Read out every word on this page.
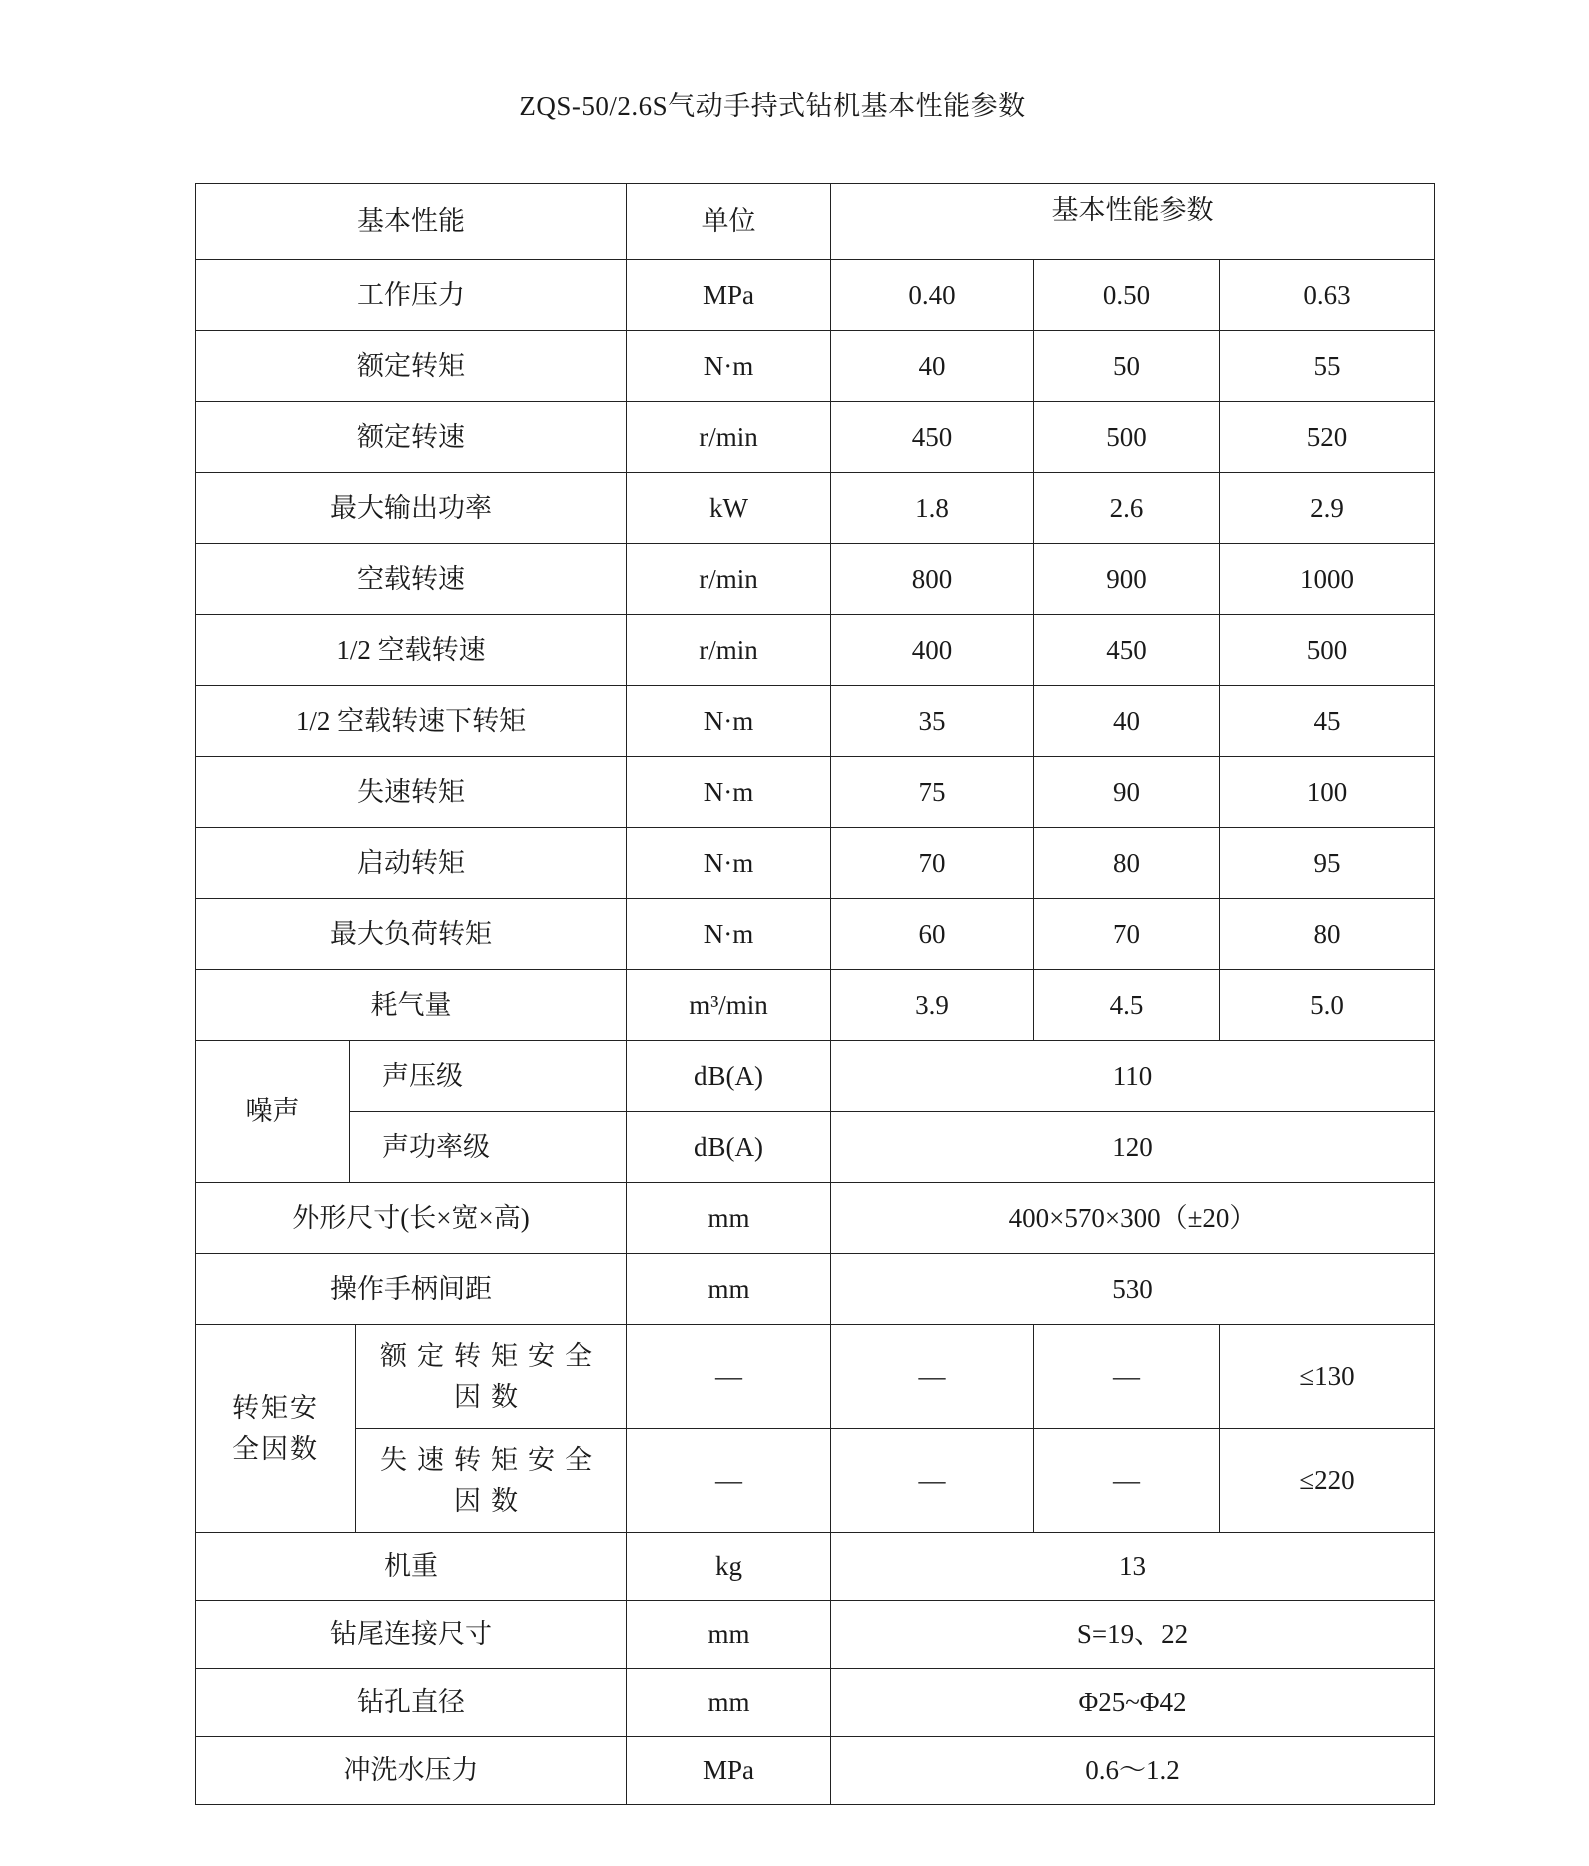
ZQS-50/2.6S气动手持式钻机基本性能参数
基本性能			单位	基本性能参数		
工作压力			MPa	0.40	0.50	0.63
额定转矩			N·m	40	50	55
额定转速			r/min	450	500	520
最大输出功率			kW	1.8	2.6	2.9
空载转速			r/min	800	900	1000
1/2 空载转速			r/min	400	450	500
1/2 空载转速下转矩			N·m	35	40	45
失速转矩			N·m	75	90	100
启动转矩			N·m	70	80	95
最大负荷转矩			N·m	60	70	80
耗气量			m³/min	3.9	4.5	5.0
噪声	声压级		dB(A)	110		
	声功率级		dB(A)	120		
外形尺寸(长×宽×高)			mm	400×570×300（±20）		
操作手柄间距			mm	530		
转矩安全因数		额定转矩安全因数	—	—	—	≤130
		失速转矩安全因数	—	—	—	≤220
机重			kg	13		
钻尾连接尺寸			mm	S=19、22		
钻孔直径			mm	Φ25~Φ42		
冲洗水压力			MPa	0.6～1.2		
